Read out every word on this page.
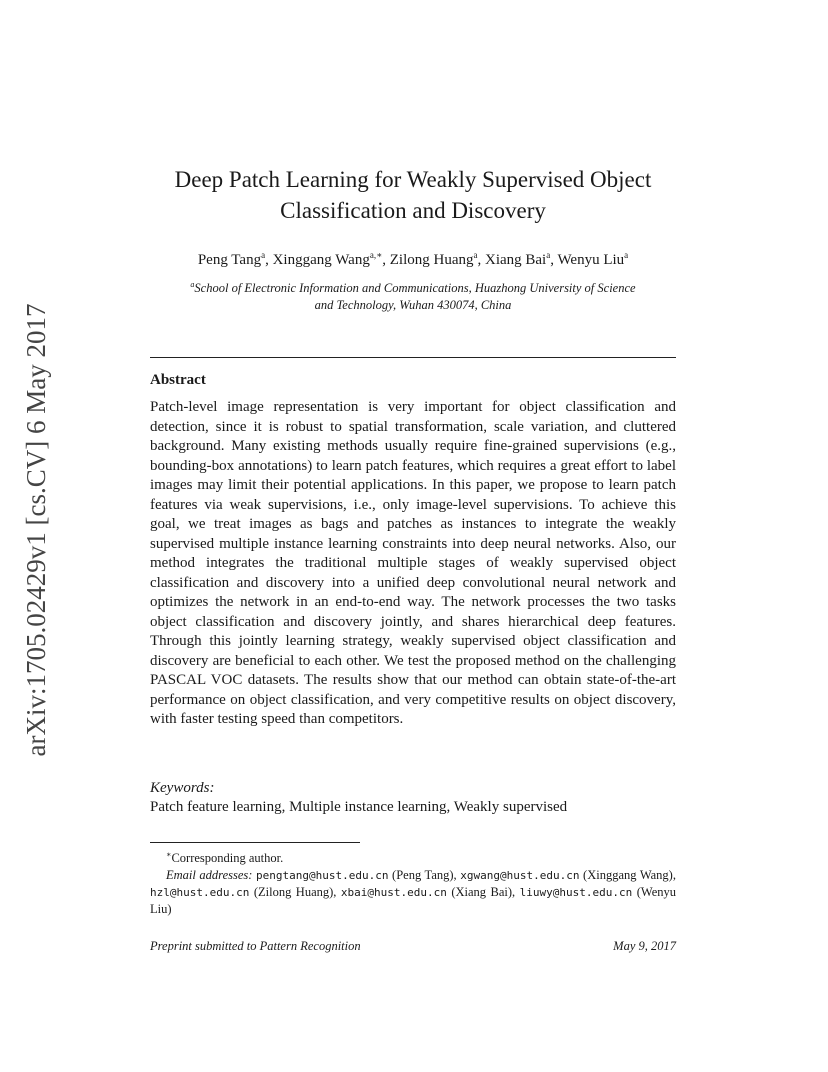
arXiv:1705.02429v1 [cs.CV] 6 May 2017
Deep Patch Learning for Weakly Supervised Object
Classification and Discovery
Peng Tang$^a$, Xinggang Wang$^{a,∗}$, Zilong Huang$^a$, Xiang Bai$^a$, Wenyu Liu$^a$
$^a$School of Electronic Information and Communications, Huazhong University of Science
and Technology, Wuhan 430074, China
Abstract
Patch-level image representation is very important for object classification and detection, since it is robust to spatial transformation, scale variation, and cluttered background. Many existing methods usually require fine-grained supervisions (e.g., bounding-box annotations) to learn patch features, which requires a great effort to label images may limit their potential applications. In this paper, we propose to learn patch features via weak supervisions, i.e., only image-level supervisions. To achieve this goal, we treat images as bags and patches as instances to integrate the weakly supervised multiple instance learning constraints into deep neural networks. Also, our method integrates the traditional multiple stages of weakly supervised object classification and discovery into a unified deep convolutional neural network and optimizes the network in an end-to-end way. The network processes the two tasks object classification and discovery jointly, and shares hierarchical deep features. Through this jointly learning strategy, weakly supervised object classification and discovery are beneficial to each other. We test the proposed method on the challenging PASCAL VOC datasets. The results show that our method can obtain state-of-the-art performance on object classification, and very competitive results on object discovery, with faster testing speed than competitors.
Keywords:
Patch feature learning, Multiple instance learning, Weakly supervised
∗Corresponding author.
Email addresses: pengtang@hust.edu.cn (Peng Tang), xgwang@hust.edu.cn (Xinggang Wang), hzl@hust.edu.cn (Zilong Huang), xbai@hust.edu.cn (Xiang Bai), liuwy@hust.edu.cn (Wenyu Liu)
Preprint submitted to Pattern Recognition	May 9, 2017
